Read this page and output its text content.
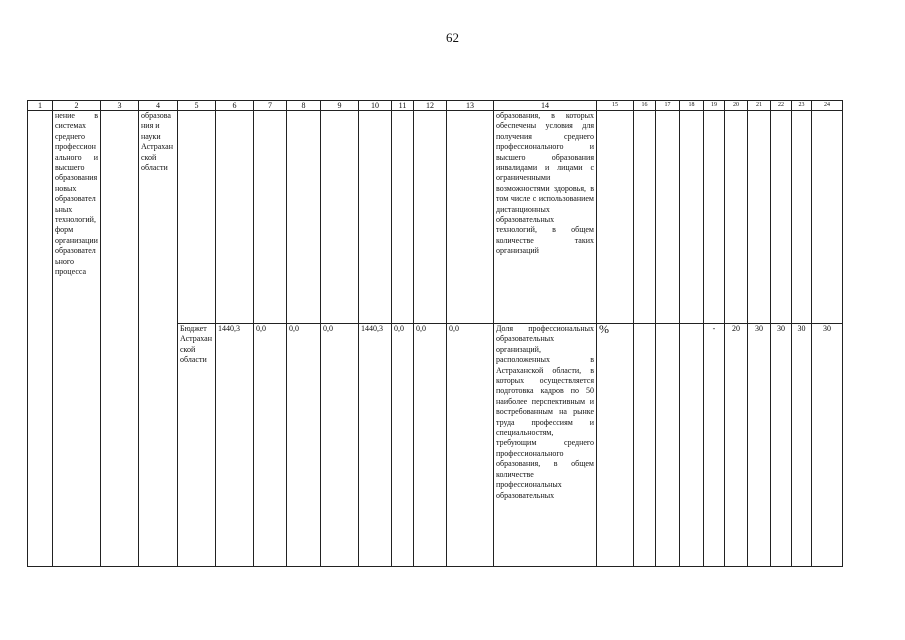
62
1	2	3	4	5	6	7	8	9	10	11	12	13	14	15	16	17	18	19	20	21	22	23	24
	нение в системах среднего профессионального и высшего образования новых образовательных технологий, форм организации образовательного процесса		образования и науки Астраханской области										образования, в которых обеспечены условия для получения среднего профессионального и высшего образования инвалидами и лицами с ограниченными возможностями здоровья, в том числе с использованием дистанционных образовательных технологий, в общем количестве таких организаций										
				Бюджет Астраханской области	1440,3	0,0	0,0	0,0	1440,3	0,0	0,0	0,0	Доля профессиональных образовательных организаций, расположенных в Астраханской области, в которых осуществляется подготовка кадров по 50 наиболее перспективным и востребованным на рынке труда профессиям и специальностям, требующим среднего профессионального образования, в общем количестве профессиональных образовательных	%				-	20	30	30	30	30
